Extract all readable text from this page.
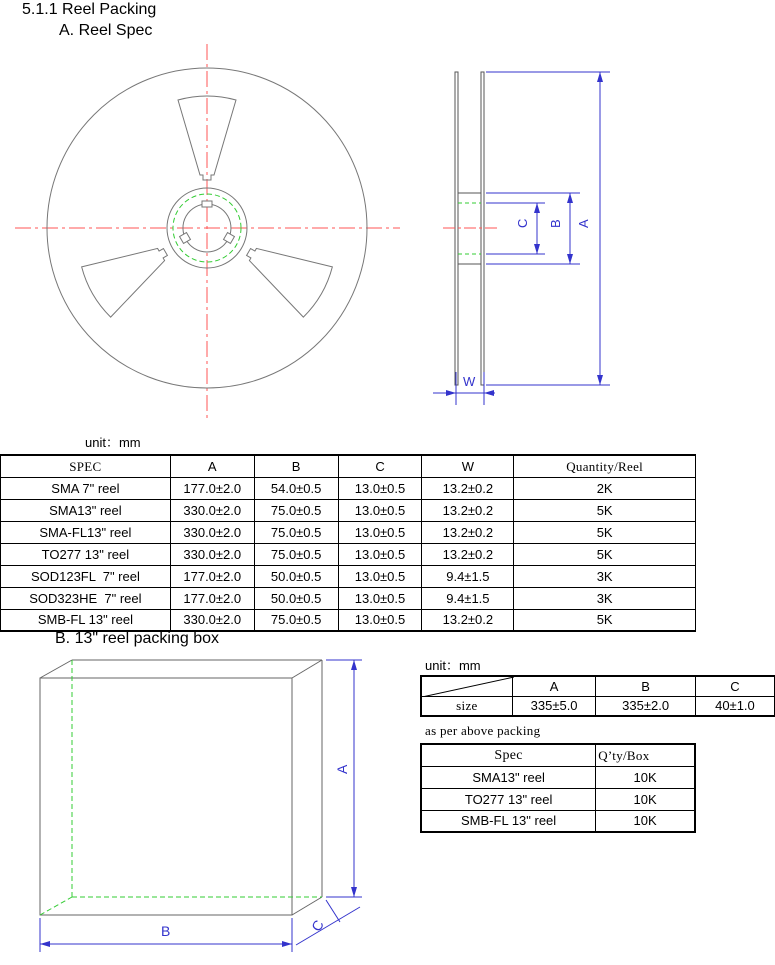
5.1.1 Reel Packing
A. Reel Spec
A
B
C
W
unit：mm
SPEC	A	B	C	W	Quantity/Reel
SMA 7" reel	177.0±2.0	54.0±0.5	13.0±0.5	13.2±0.2	2K
SMA13" reel	330.0±2.0	75.0±0.5	13.0±0.5	13.2±0.2	5K
SMA-FL13" reel	330.0±2.0	75.0±0.5	13.0±0.5	13.2±0.2	5K
TO277 13" reel	330.0±2.0	75.0±0.5	13.0±0.5	13.2±0.2	5K
SOD123FL  7" reel	177.0±2.0	50.0±0.5	13.0±0.5	9.4±1.5	3K
SOD323HE  7" reel	177.0±2.0	50.0±0.5	13.0±0.5	9.4±1.5	3K
SMB-FL 13" reel	330.0±2.0	75.0±0.5	13.0±0.5	13.2±0.2	5K
B. 13" reel packing box
A
B	C
unit：mm
	A	B	C
size	335±5.0	335±2.0	40±1.0
as per above packing
Spec	Q’ty/Box
SMA13" reel	10K
TO277 13" reel	10K
SMB-FL 13" reel	10K
